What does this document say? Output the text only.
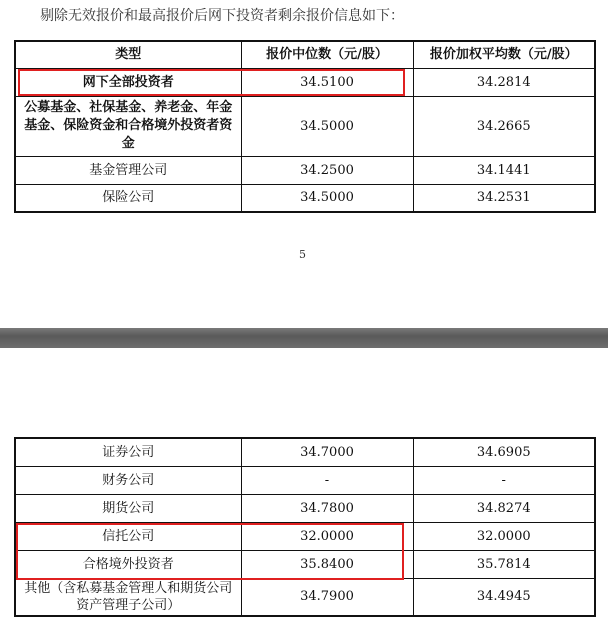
剔除无效报价和最高报价后网下投资者剩余报价信息如下：
类型	报价中位数（元/股）	报价加权平均数（元/股）
网下全部投资者	34.5100	34.2814
公募基金、社保基金、养老金、年金基金、保险资金和合格境外投资者资金	34.5000	34.2665
基金管理公司	34.2500	34.1441
保险公司	34.5000	34.2531
5
证券公司	34.7000	34.6905
财务公司	-	-
期货公司	34.7800	34.8274
信托公司	32.0000	32.0000
合格境外投资者	35.8400	35.7814
其他（含私募基金管理人和期货公司资产管理子公司）	34.7900	34.4945
